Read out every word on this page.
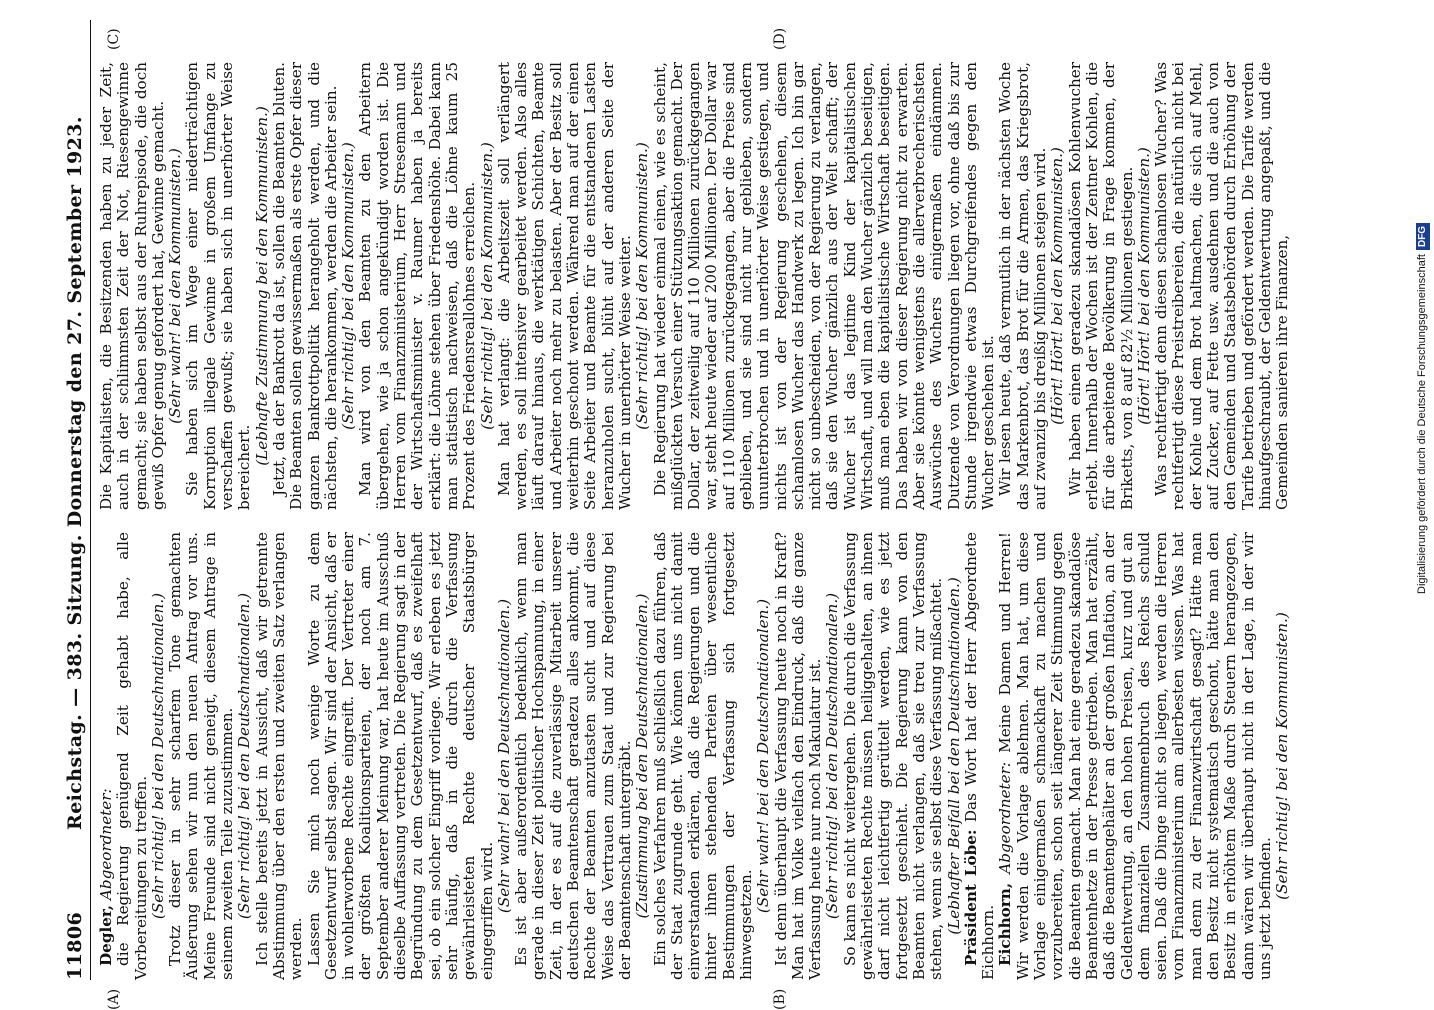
11806
Reichstag. — 383. Sitzung. Donnerstag den 27. September 1923.

Degler, Abgeordneter: die Regierung genügend Zeit gehabt habe, alle Vorbereitungen zu treffen. (Sehr richtig! bei den Deutschnationalen.) Trotz dieser in sehr scharfem Tone gemachten Äußerung sehen wir nun den neuen Antrag vor uns. Meine Freunde sind nicht geneigt, diesem Antrage in seinem zweiten Teile zuzustimmen. (Sehr richtig! bei den Deutschnationalen.) Ich stelle bereits jetzt in Aussicht, daß wir getrennte Abstimmung über den ersten und zweiten Satz verlangen werden. Lassen Sie mich noch wenige Worte zu dem Gesetzentwurf selbst sagen. Wir sind der Ansicht, daß er in wohlerworbene Rechte eingreift. Der Vertreter einer der größten Koalitionsparteien, der noch am 7. September anderer Meinung war, hat heute im Ausschuß dieselbe Auffassung vertreten. Die Regierung sagt in der Begründung zu dem Gesetzentwurf, daß es zweifelhaft sei, ob ein solcher Eingriff vorliege. Wir erleben es jetzt sehr häufig, daß in die durch die Verfassung gewährleisteten Rechte deutscher Staatsbürger eingegriffen wird. (Sehr wahr! bei den Deutschnationalen.) Es ist aber außerordentlich bedenklich, wenn man gerade in dieser Zeit politischer Hochspannung, in einer Zeit, in der es auf die zuverlässige Mitarbeit unserer deutschen Beamtenschaft geradezu alles ankommt, die Rechte der Beamten anzutasten sucht und auf diese Weise das Vertrauen zum Staat und zur Regierung bei der Beamtenschaft untergräbt. (Zustimmung bei den Deutschnationalen.) Ein solches Verfahren muß schließlich dazu führen, daß der Staat zugrunde geht. Wie können uns nicht damit einverstanden erklären, daß die Regierungen und die hinter ihnen stehenden Parteien über wesentliche Bestimmungen der Verfassung sich fortgesetzt hinwegsetzen.

(Sehr wahr! bei den Deutschnationalen.) Ist denn überhaupt die Verfassung heute noch in Kraft? Man hat im Volke vielfach den Eindruck, daß die ganze Verfassung heute nur noch Makulatur ist. (Sehr richtig! bei den Deutschnationalen.) So kann es nicht weitergehen. Die durch die Verfassung gewährleisteten Rechte müssen heiliggehalten, an ihnen darf nicht leichtfertig gerüttelt werden, wie es jetzt fortgesetzt geschieht. Die Regierung kann von den Beamten nicht verlangen, daß sie treu zur Verfassung stehen, wenn sie selbst diese Verfassung mißachtet. (Lebhafter Beifall bei den Deutschnationalen.) Präsident Löbe: Das Wort hat der Herr Abgeordnete Eichhorn. Eichhorn, Abgeordneter: Meine Damen und Herren! Wir werden die Vorlage ablehnen. Man hat, um diese Vorlage einigermaßen schmackhaft zu machen und vorzubereiten, schon seit längerer Zeit Stimmung gegen die Beamten gemacht. Man hat eine geradezu skandalöse Beamtenhetze in der Presse getrieben. Man hat erzählt, daß die Beamtengehälter an der großen Inflation, an der Geldentwertung, an den hohen Preisen, kurz und gut an dem finanziellen Zusammenbruch des Reichs schuld seien. Daß die Dinge nicht so liegen, werden die Herren vom Finanzministerium am allerbesten wissen. Was hat man denn zu der Finanzwirtschaft gesagt? Hätte man den Besitz nicht systematisch geschont, hätte man den Besitz in erhöhtem Maße durch Steuern herangezogen, dann wären wir überhaupt nicht in der Lage, in der wir uns jetzt befinden.

(Sehr richtig! bei den Kommunisten.)

Die Kapitalisten, die Besitzenden haben zu jeder Zeit, auch in der schlimmsten Zeit der Not, Riesengewinne gemacht; sie haben selbst aus der Ruhrepisode, die doch gewiß Opfer genug gefordert hat, Gewinne gemacht. (Sehr wahr! bei den Kommunisten.) Sie haben sich im Wege einer niederträchtigen Korruption illegale Gewinne in großem Umfange zu verschaffen gewußt; sie haben sich in unerhörter Weise bereichert.

(Lebhafte Zustimmung bei den Kommunisten.) Jetzt, da der Bankrott da ist, sollen die Beamten bluten. Die Beamten sollen gewissermaßen als erste Opfer dieser ganzen Bankrottpolitik herangeholt werden, und die nächsten, die herankommen, werden die Arbeiter sein. (Sehr richtig! bei den Kommunisten.) Man wird von den Beamten zu den Arbeitern übergehen, wie ja schon angekündigt worden ist. Die Herren vom Finanzministerium, Herr Stresemann und der Wirtschaftsminister v. Raumer haben ja bereits erklärt: die Löhne stehen über Friedenshöhe. Dabei kann man statistisch nachweisen, daß die Löhne kaum 25 Prozent des Friedensreallohnes erreichen. (Sehr richtig! bei den Kommunisten.) Man hat verlangt: die Arbeitszeit soll verlängert werden, es soll intensiver gearbeitet werden. Also alles läuft darauf hinaus, die werktätigen Schichten, Beamte und Arbeiter noch mehr zu belasten. Aber der Besitz soll weiterhin geschont werden. Während man auf der einen Seite Arbeiter und Beamte für die entstandenen Lasten heranzuholen sucht, blüht auf der anderen Seite der Wucher in unerhörter Weise weiter. (Sehr richtig! bei den Kommunisten.) Die Regierung hat wieder einmal einen, wie es scheint, mißglückten Versuch einer Stützungsaktion gemacht. Der Dollar, der zeitweilig auf 110 Millionen zurückgegangen war, steht heute wieder auf 200 Millionen. Der Dollar war auf 110 Millionen zurückgegangen, aber die Preise sind geblieben, und sie sind nicht nur geblieben, sondern ununterbrochen und in unerhörter Weise gestiegen, und nichts ist von der Regierung geschehen, diesem schamlosen Wucher das Handwerk zu legen. Ich bin gar nicht so unbescheiden, von der Regierung zu verlangen, daß sie den Wucher gänzlich aus der Welt schafft; der Wucher ist das legitime Kind der kapitalistischen Wirtschaft, und will man den Wucher gänzlich beseitigen, muß man eben die kapitalistische Wirtschaft beseitigen. Das haben wir von dieser Regierung nicht zu erwarten. Aber sie könnte wenigstens die allerverbrecherischsten Auswüchse des Wuchers einigermaßen eindämmen. Dutzende von Verordnungen liegen vor, ohne daß bis zur Stunde irgendwie etwas Durchgreifendes gegen den Wucher geschehen ist. Wir lesen heute, daß vermutlich in der nächsten Woche das Markenbrot, das Brot für die Armen, das Kriegsbrot, auf zwanzig bis dreißig Millionen steigen wird. (Hört! Hört! bei den Kommunisten.) Wir haben einen geradezu skandalösen Kohlenwucher erlebt. Innerhalb der Wochen ist der Zentner Kohlen, die für die arbeitende Bevölkerung in Frage kommen, der Briketts, von 8 auf 82½ Millionen gestiegen. (Hört! Hört! bei den Kommunisten.) Was rechtfertigt denn diesen schamlosen Wucher? Was rechtfertigt diese Preistreibereien, die natürlich nicht bei der Kohle und dem Brot haltmachen, die sich auf Mehl, auf Zucker, auf Fette usw. ausdehnen und die auch von den Gemeinden und Staatsbehörden durch Erhöhung der Tarife betrieben und gefördert werden. Die Tarife werden hinaufgeschraubt, der Geldentwertung angepaßt, und die Gemeinden sanieren ihre Finanzen,

(A)	(B)
(C)	(D)
Digitalisierung gefördert durch die Deutsche ForschungsgemeinschaftDFG
